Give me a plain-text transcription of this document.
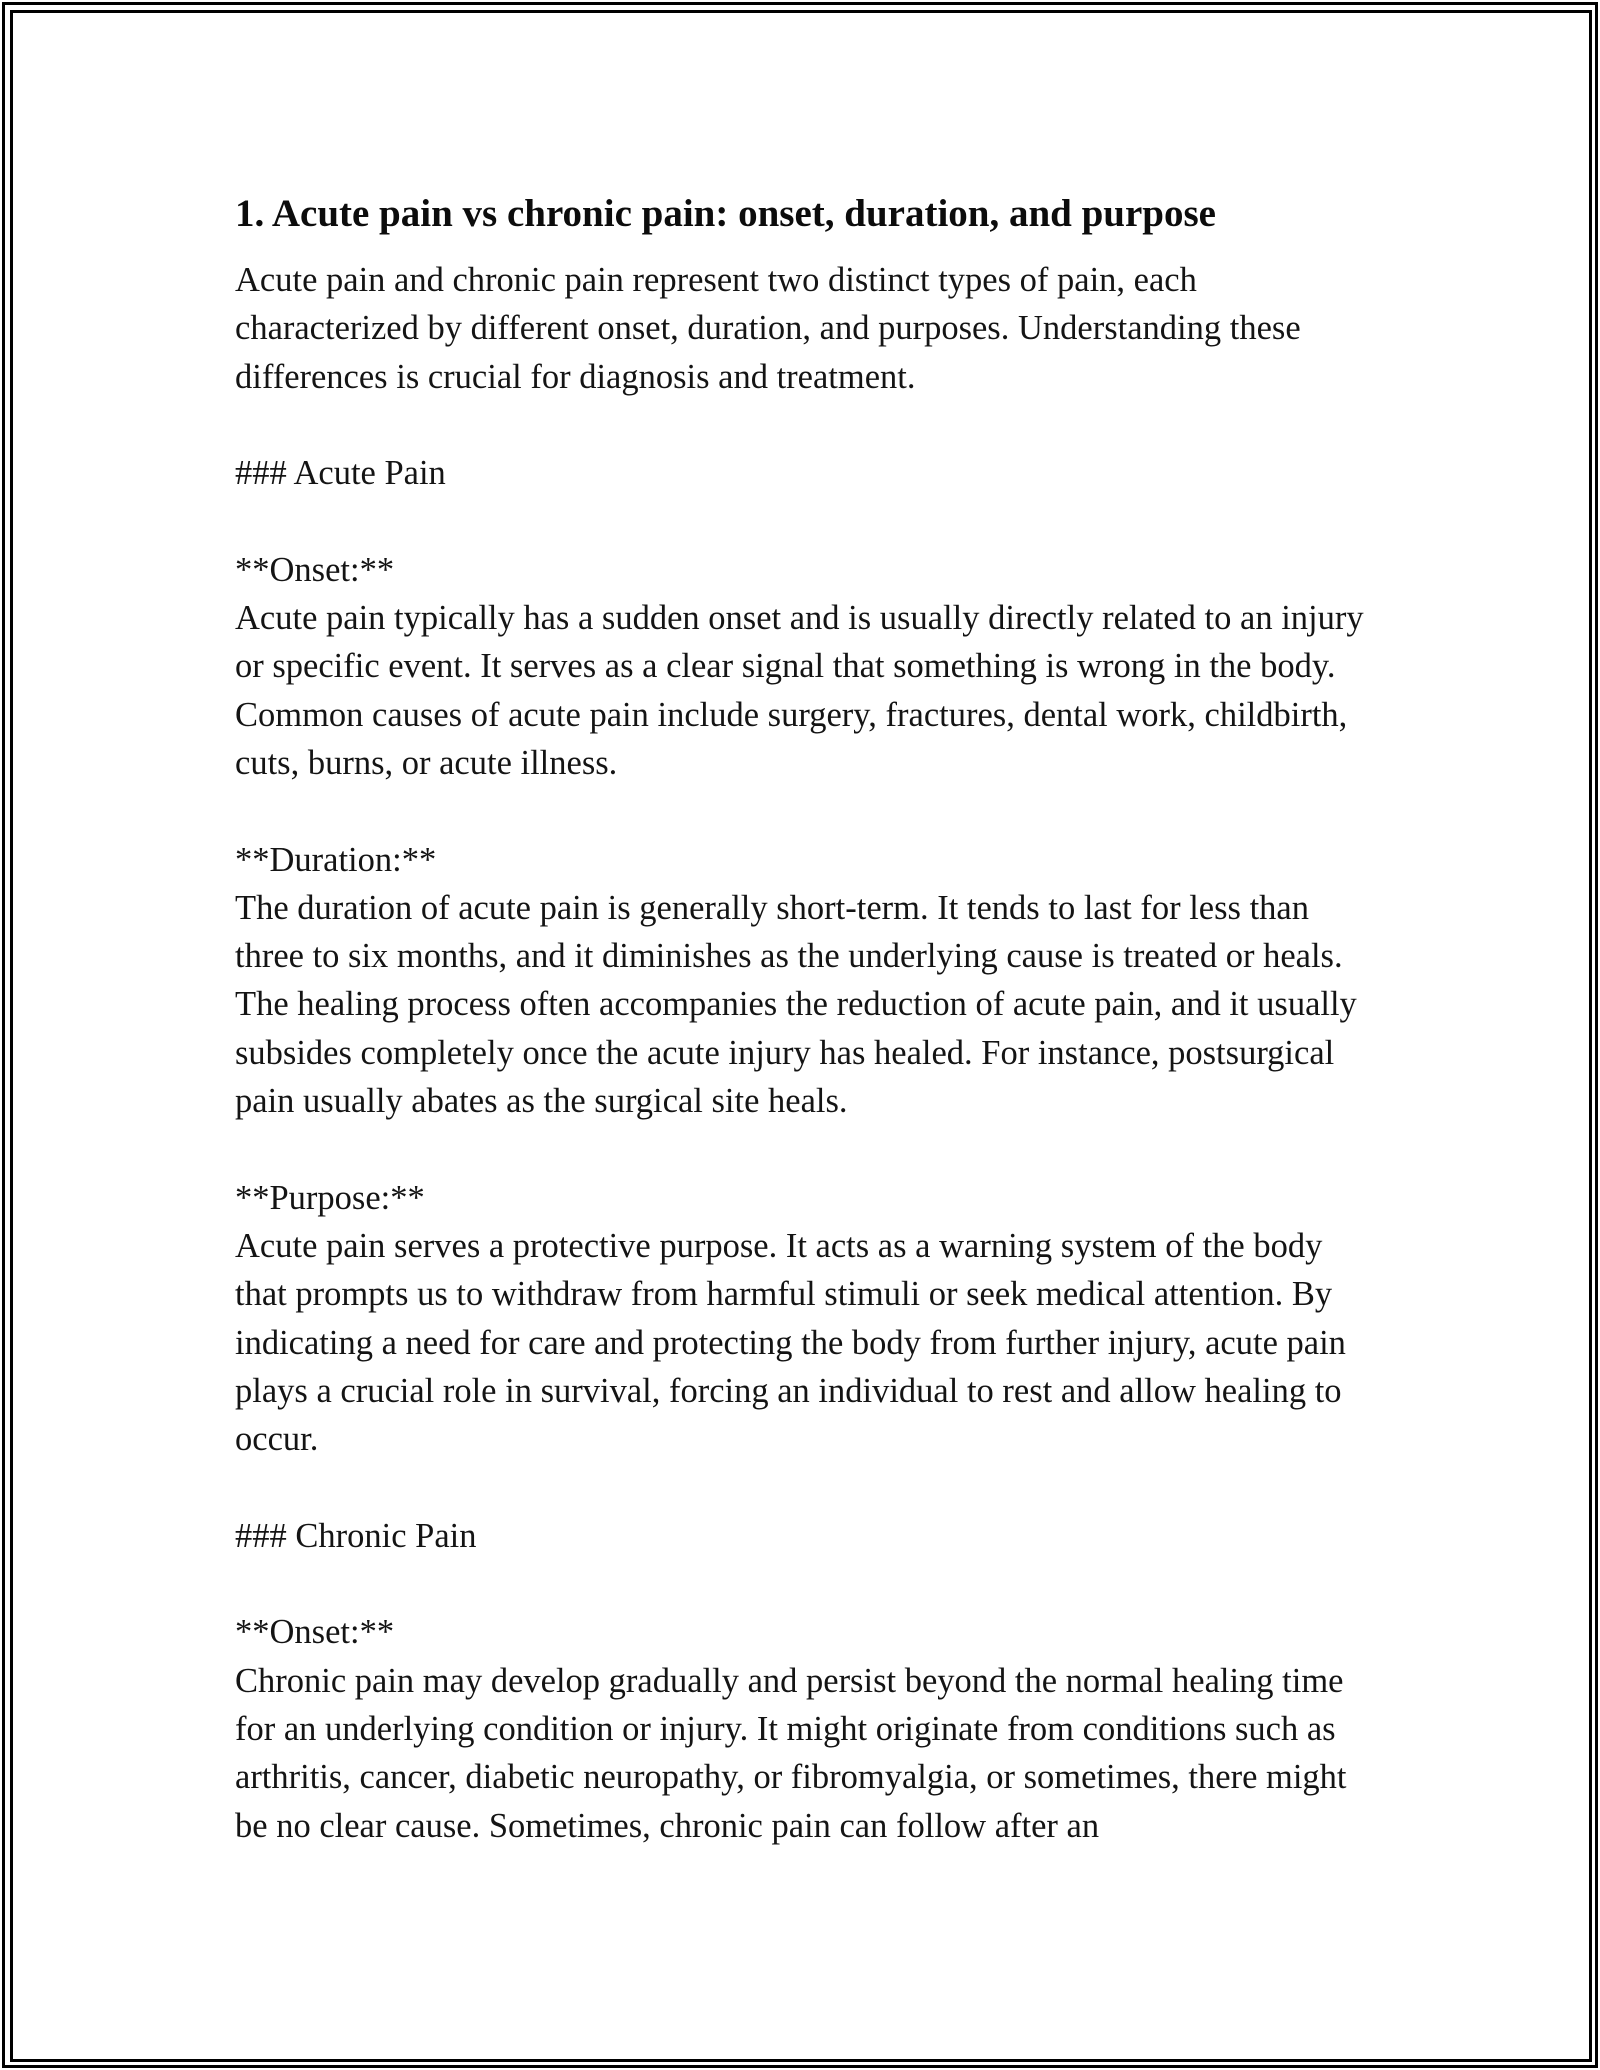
1. Acute pain vs chronic pain: onset, duration, and purpose

Acute pain and chronic pain represent two distinct types of pain, each characterized by different onset, duration, and purposes. Understanding these differences is crucial for diagnosis and treatment.

### Acute Pain

**Onset:**

Acute pain typically has a sudden onset and is usually directly related to an injury or specific event. It serves as a clear signal that something is wrong in the body. Common causes of acute pain include surgery, fractures, dental work, childbirth, cuts, burns, or acute illness.

**Duration:**

The duration of acute pain is generally short-term. It tends to last for less than three to six months, and it diminishes as the underlying cause is treated or heals. The healing process often accompanies the reduction of acute pain, and it usually subsides completely once the acute injury has healed. For instance, postsurgical pain usually abates as the surgical site heals.

**Purpose:**

Acute pain serves a protective purpose. It acts as a warning system of the body that prompts us to withdraw from harmful stimuli or seek medical attention. By indicating a need for care and protecting the body from further injury, acute pain plays a crucial role in survival, forcing an individual to rest and allow healing to occur.

### Chronic Pain

**Onset:**

Chronic pain may develop gradually and persist beyond the normal healing time for an underlying condition or injury. It might originate from conditions such as arthritis, cancer, diabetic neuropathy, or fibromyalgia, or sometimes, there might be no clear cause. Sometimes, chronic pain can follow after an
